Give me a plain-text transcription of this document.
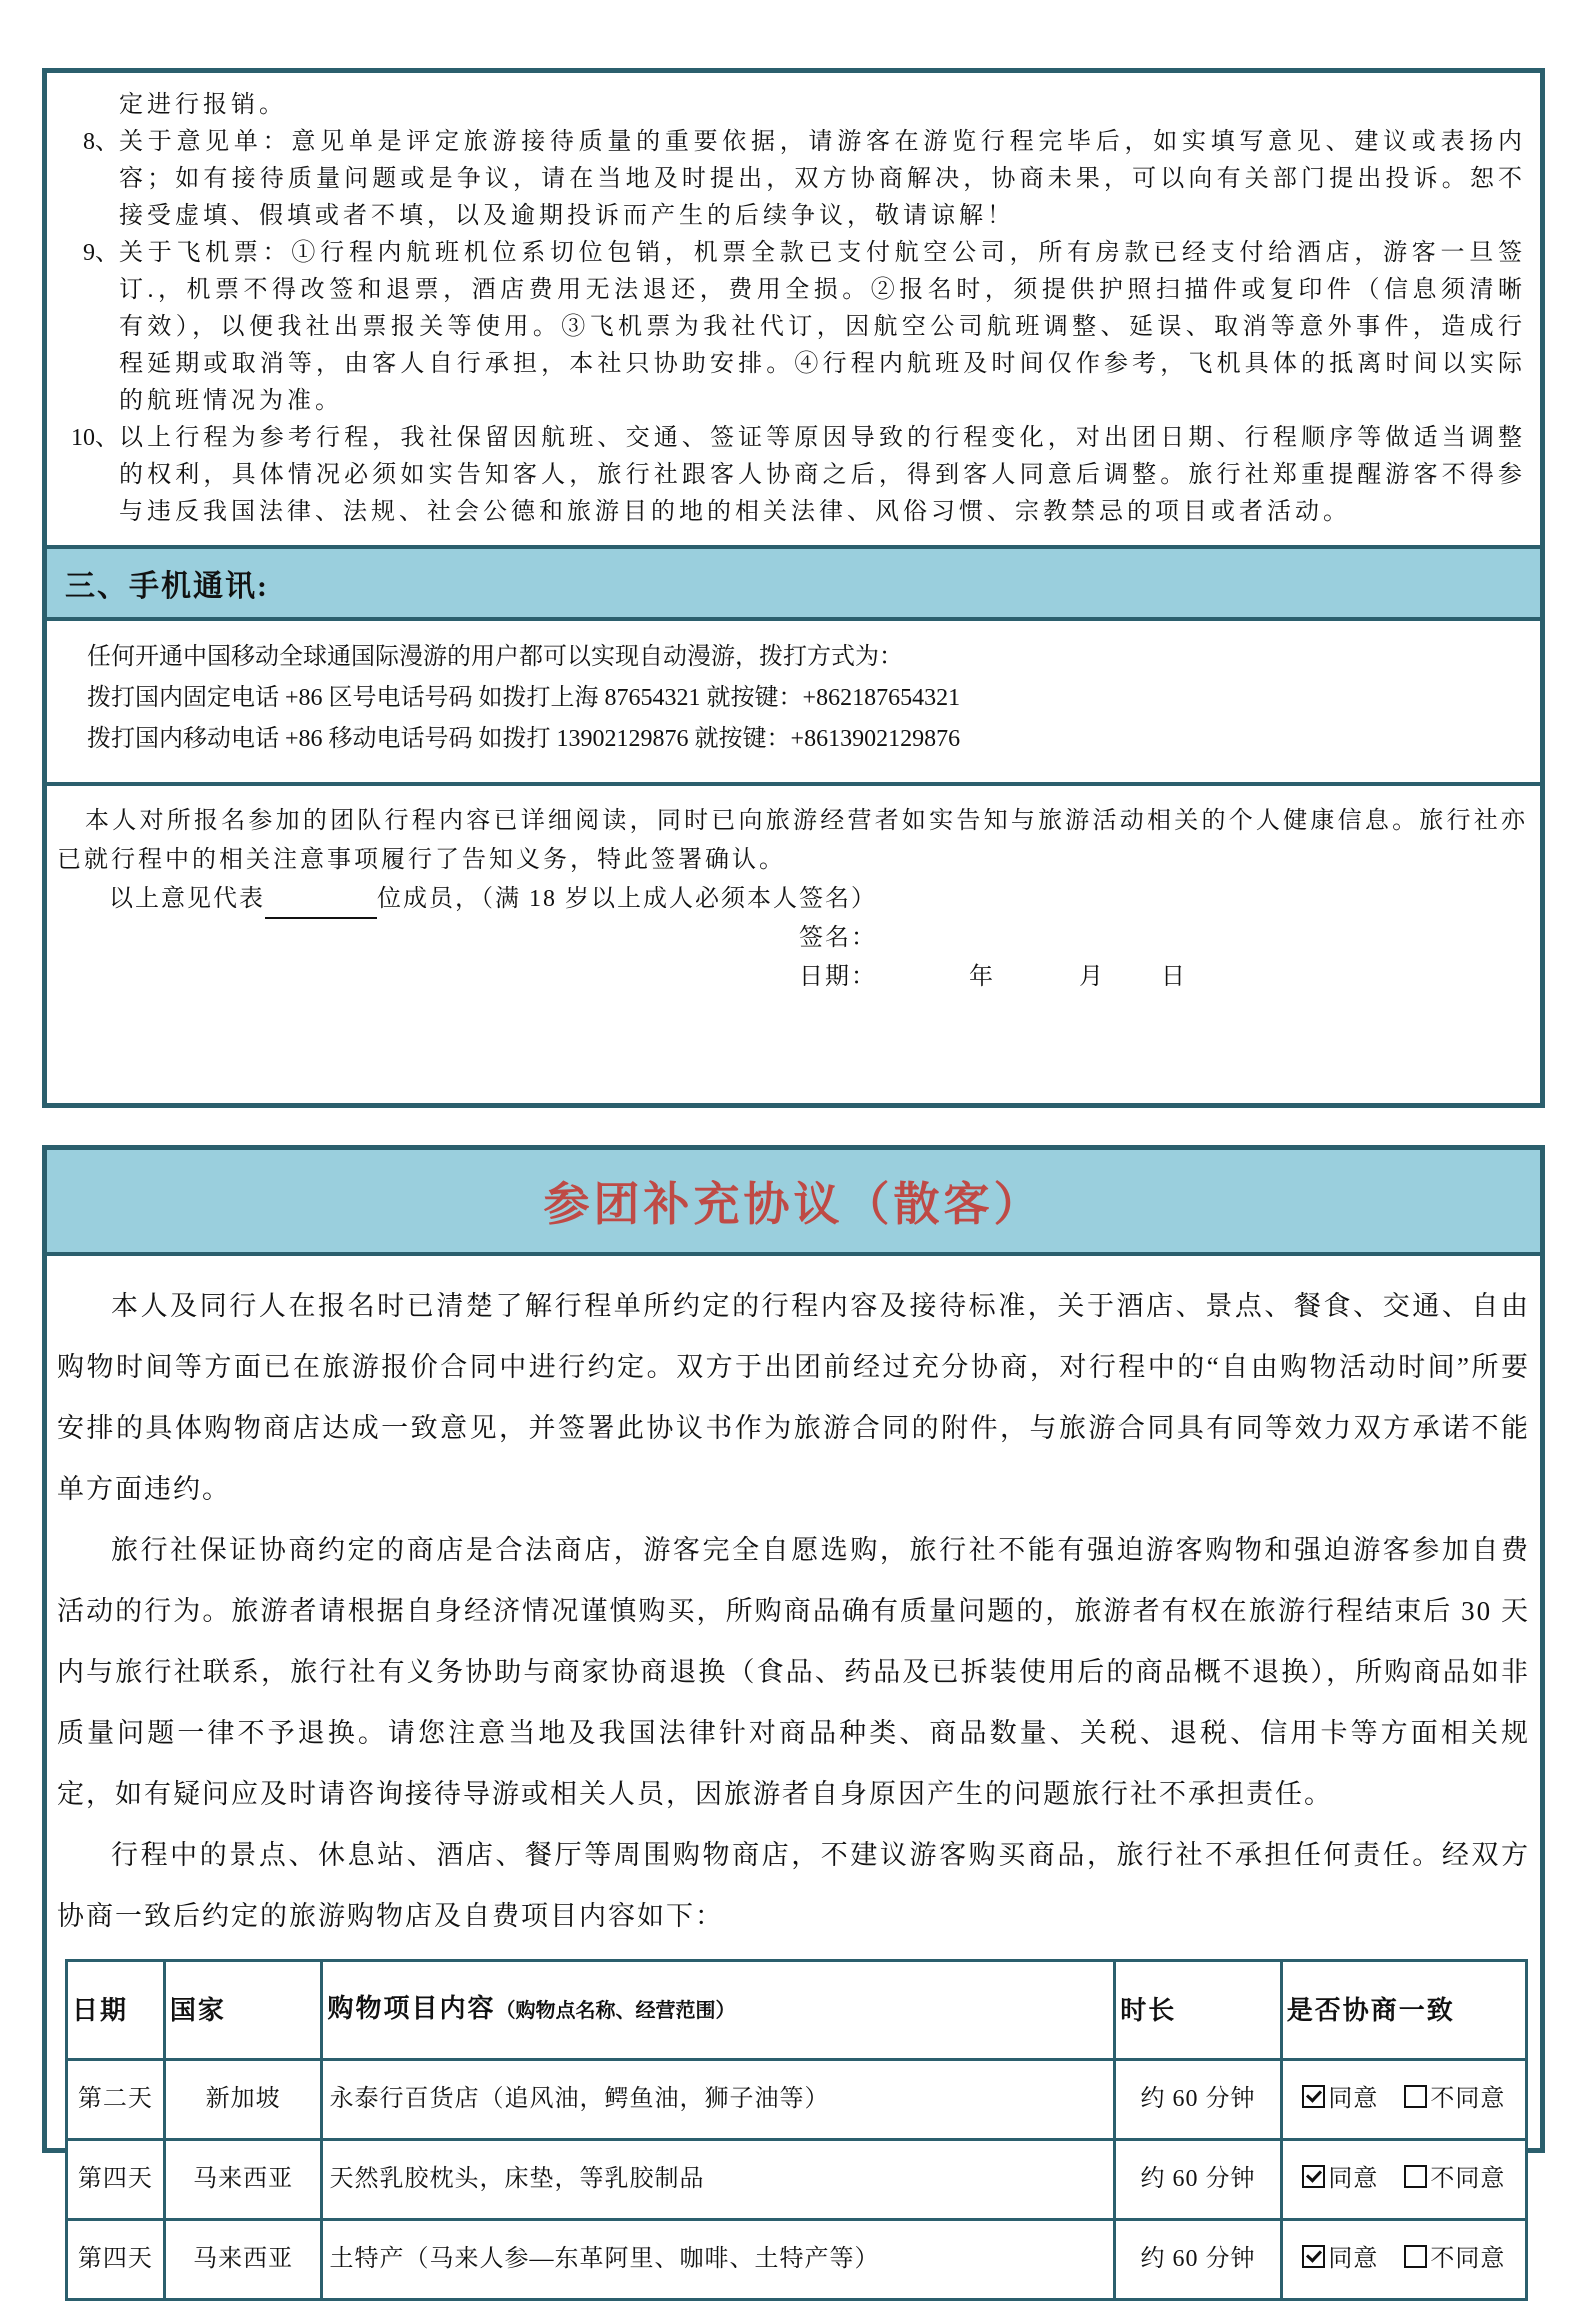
定进行报销。

8、 关于意见单：意见单是评定旅游接待质量的重要依据，请游客在游览行程完毕后，如实填写意见、建议或表扬内容；如有接待质量问题或是争议，请在当地及时提出，双方协商解决，协商未果，可以向有关部门提出投诉。恕不接受虚填、假填或者不填，以及逾期投诉而产生的后续争议，敬请谅解！

9、 关于飞机票：①行程内航班机位系切位包销，机票全款已支付航空公司，所有房款已经支付给酒店，游客一旦签订.，机票不得改签和退票，酒店费用无法退还，费用全损。②报名时，须提供护照扫描件或复印件（信息须清晰有效），以便我社出票报关等使用。③飞机票为我社代订，因航空公司航班调整、延误、取消等意外事件，造成行程延期或取消等，由客人自行承担，本社只协助安排。④行程内航班及时间仅作参考，飞机具体的抵离时间以实际的航班情况为准。

10、 以上行程为参考行程，我社保留因航班、交通、签证等原因导致的行程变化，对出团日期、行程顺序等做适当调整的权利，具体情况必须如实告知客人，旅行社跟客人协商之后，得到客人同意后调整。旅行社郑重提醒游客不得参与违反我国法律、法规、社会公德和旅游目的地的相关法律、风俗习惯、宗教禁忌的项目或者活动。

三、手机通讯:

任何开通中国移动全球通国际漫游的用户都可以实现自动漫游，拨打方式为：

拨打国内固定电话 +86 区号电话号码 如拨打上海 87654321 就按键：+862187654321

拨打国内移动电话 +86 移动电话号码 如拨打 13902129876 就按键：+8613902129876

本人对所报名参加的团队行程内容已详细阅读，同时已向旅游经营者如实告知与旅游活动相关的个人健康信息。旅行社亦已就行程中的相关注意事项履行了告知义务，特此签署确认。

以上意见代表	位成员，（满 18 岁以上成人必须本人签名）

签名：

日期：	年	月 日

参团补充协议（散客）

本人及同行人在报名时已清楚了解行程单所约定的行程内容及接待标准，关于酒店、景点、餐食、交通、自由购物时间等方面已在旅游报价合同中进行约定。双方于出团前经过充分协商，对行程中的“自由购物活动时间”所要安排的具体购物商店达成一致意见，并签署此协议书作为旅游合同的附件，与旅游合同具有同等效力双方承诺不能单方面违约。

旅行社保证协商约定的商店是合法商店，游客完全自愿选购，旅行社不能有强迫游客购物和强迫游客参加自费活动的行为。旅游者请根据自身经济情况谨慎购买，所购商品确有质量问题的，旅游者有权在旅游行程结束后 30 天内与旅行社联系，旅行社有义务协助与商家协商退换（食品、药品及已拆装使用后的商品概不退换），所购商品如非质量问题一律不予退换。请您注意当地及我国法律针对商品种类、商品数量、关税、退税、信用卡等方面相关规定，如有疑问应及时请咨询接待导游或相关人员，因旅游者自身原因产生的问题旅行社不承担责任。

行程中的景点、休息站、酒店、餐厅等周围购物商店，不建议游客购买商品，旅行社不承担任何责任。经双方协商一致后约定的旅游购物店及自费项目内容如下：

日期	国家	购物项目内容（购物点名称、经营范围）	时长	是否协商一致
第二天	新加坡	永泰行百货店（追风油，鳄鱼油，狮子油等）	约 60 分钟	同意 不同意
第四天	马来西亚	天然乳胶枕头，床垫，等乳胶制品	约 60 分钟	同意 不同意
第四天	马来西亚	土特产（马来人参—东革阿里、咖啡、土特产等）	约 60 分钟	同意 不同意
